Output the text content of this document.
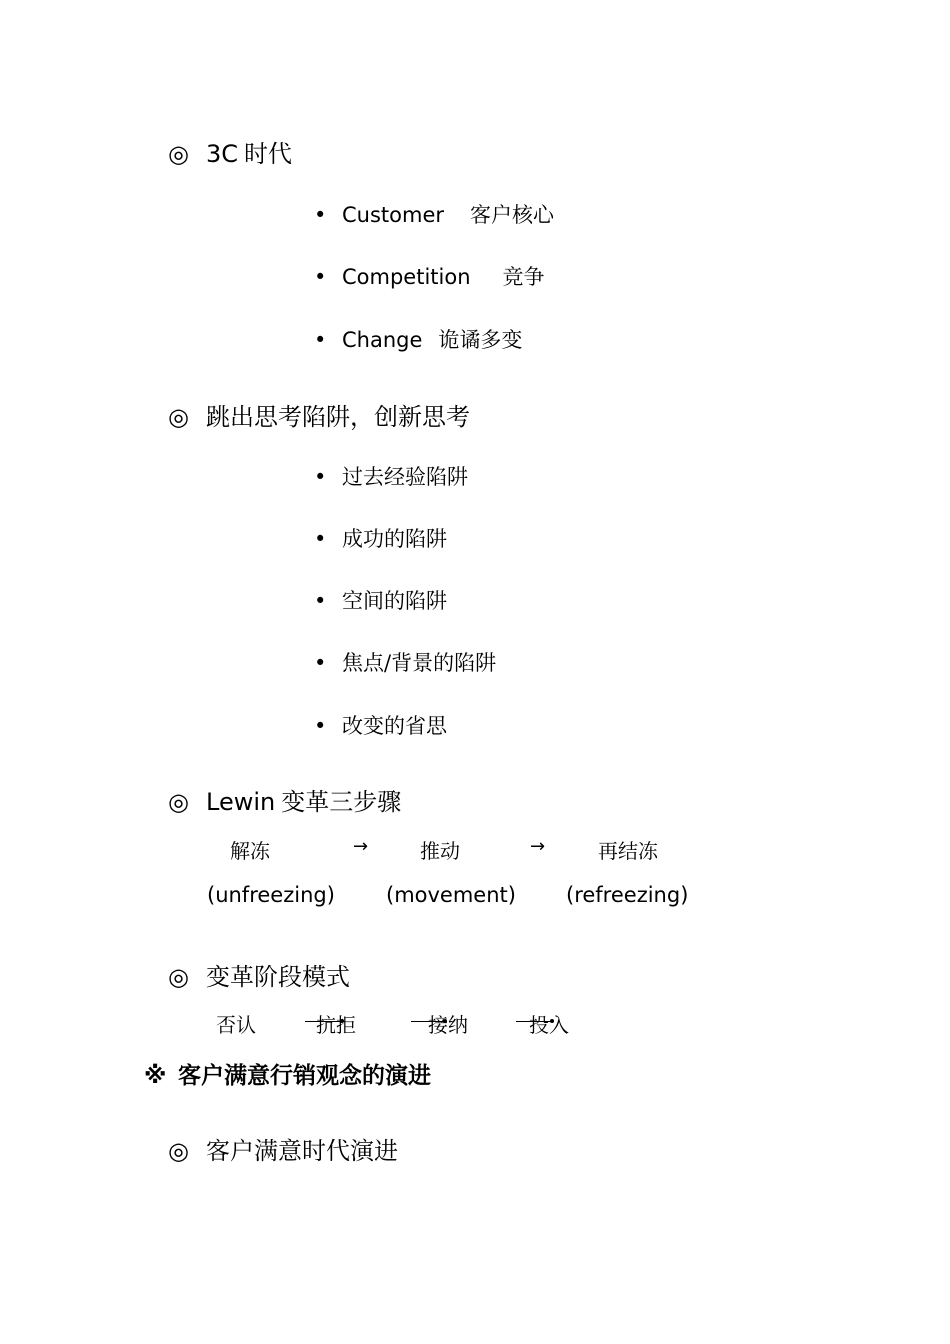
◎ 3C 时代
• Customer 客户核心
• Competition 竞争
• Change 诡谲多变
◎ 跳出思考陷阱，创新思考
• 过去经验陷阱
• 成功的陷阱
• 空间的陷阱
• 焦点/背景的陷阱
• 改变的省思
◎ Lewin 变革三步骤
解冻	→	推动	→	再结冻
(unfreezing) (movement) (refreezing)
◎ 变革阶段模式
否认	抗拒	接纳	投入
※ 客户满意行销观念的演进
◎ 客户满意时代演进
